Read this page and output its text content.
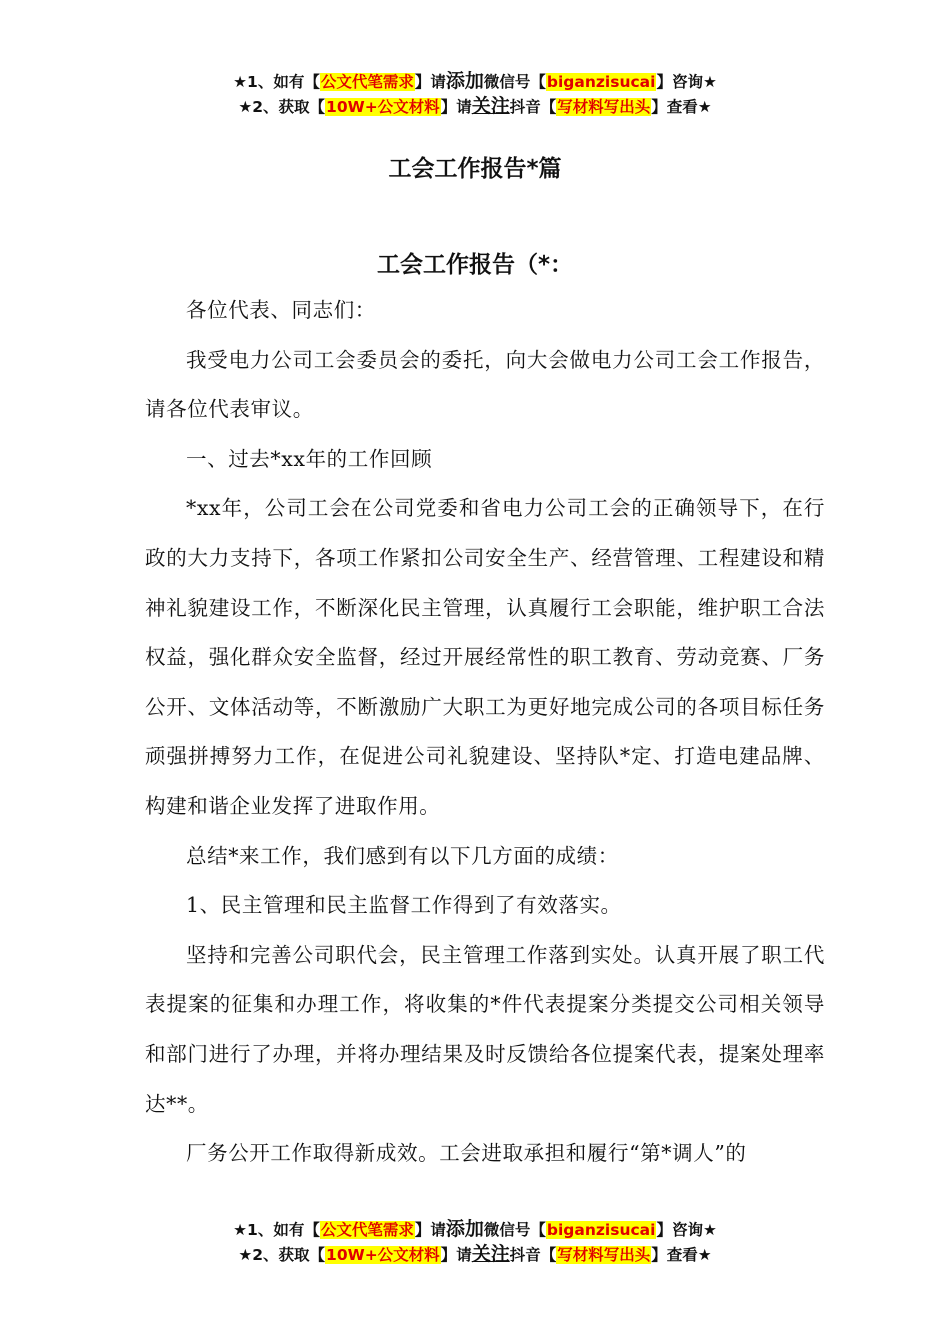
★1、如有【公文代笔需求】请添加微信号【biganzisucai】咨询★
★2、获取【10W+公文材料】请关注抖音【写材料写出头】查看★
工会工作报告*篇
工会工作报告（*：

各位代表、同志们：

我受电力公司工会委员会的委托，向大会做电力公司工会工作报告，请各位代表审议。

一、过去*xx年的工作回顾

*xx年，公司工会在公司党委和省电力公司工会的正确领导下，在行政的大力支持下，各项工作紧扣公司安全生产、经营管理、工程建设和精神礼貌建设工作，不断深化民主管理，认真履行工会职能，维护职工合法权益，强化群众安全监督，经过开展经常性的职工教育、劳动竞赛、厂务公开、文体活动等，不断激励广大职工为更好地完成公司的各项目标任务顽强拼搏努力工作，在促进公司礼貌建设、坚持队*定、打造电建品牌、构建和谐企业发挥了进取作用。

总结*来工作，我们感到有以下几方面的成绩：

1、民主管理和民主监督工作得到了有效落实。

坚持和完善公司职代会，民主管理工作落到实处。认真开展了职工代表提案的征集和办理工作，将收集的*件代表提案分类提交公司相关领导和部门进行了办理，并将办理结果及时反馈给各位提案代表，提案处理率达**。

厂务公开工作取得新成效。工会进取承担和履行“第*调人”的

★1、如有【公文代笔需求】请添加微信号【biganzisucai】咨询★
★2、获取【10W+公文材料】请关注抖音【写材料写出头】查看★
